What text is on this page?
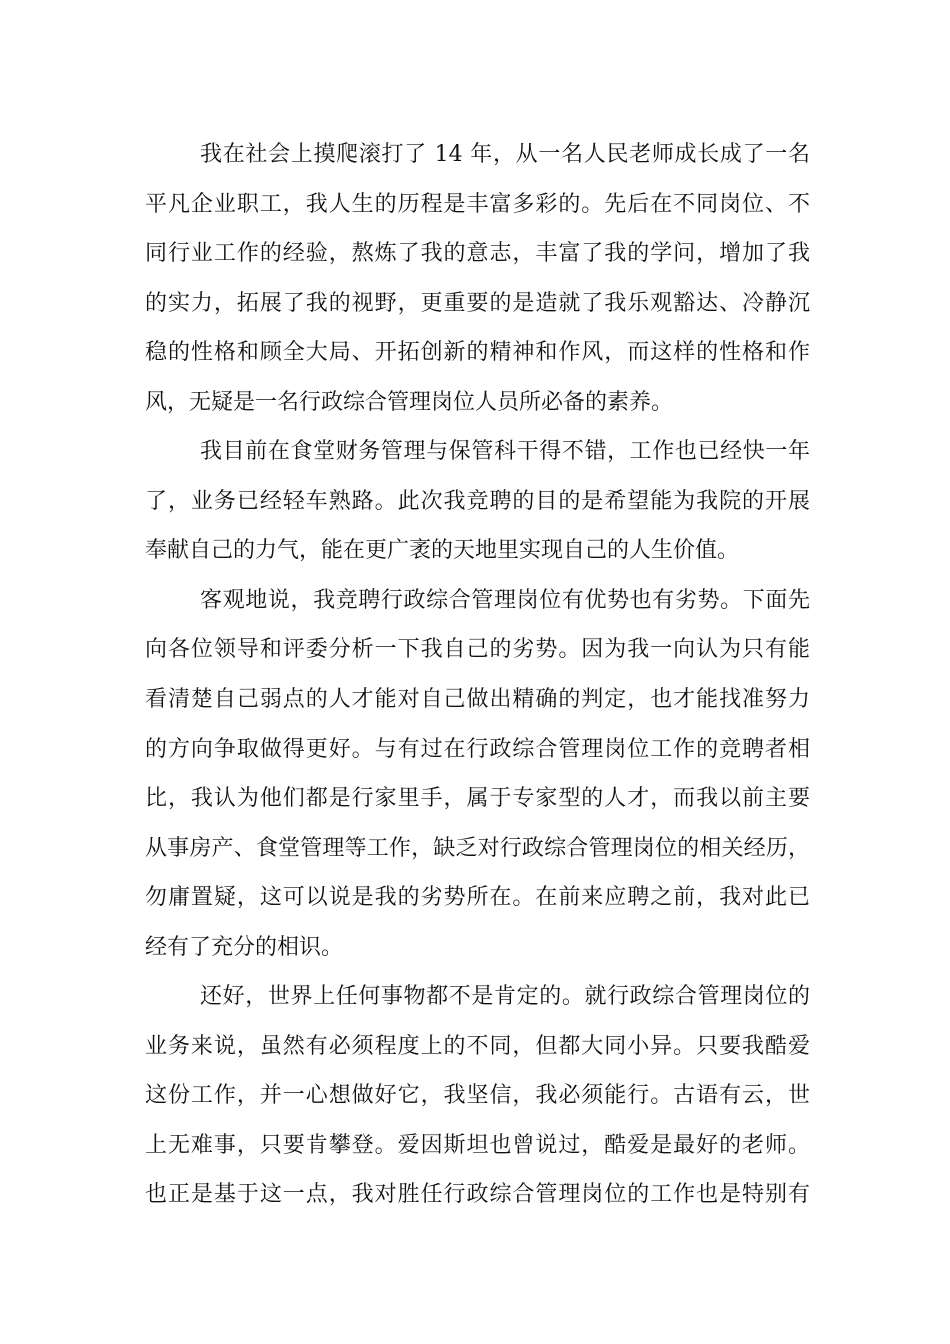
我在社会上摸爬滚打了 14 年，从一名人民老师成长成了一名
平凡企业职工，我人生的历程是丰富多彩的。先后在不同岗位、不
同行业工作的经验，熬炼了我的意志，丰富了我的学问，增加了我
的实力，拓展了我的视野，更重要的是造就了我乐观豁达、冷静沉
稳的性格和顾全大局、开拓创新的精神和作风，而这样的性格和作
风，无疑是一名行政综合管理岗位人员所必备的素养。
我目前在食堂财务管理与保管科干得不错，工作也已经快一年
了，业务已经轻车熟路。此次我竞聘的目的是希望能为我院的开展
奉献自己的力气，能在更广袤的天地里实现自己的人生价值。
客观地说，我竞聘行政综合管理岗位有优势也有劣势。下面先
向各位领导和评委分析一下我自己的劣势。因为我一向认为只有能
看清楚自己弱点的人才能对自己做出精确的判定，也才能找准努力
的方向争取做得更好。与有过在行政综合管理岗位工作的竞聘者相
比，我认为他们都是行家里手，属于专家型的人才，而我以前主要
从事房产、食堂管理等工作，缺乏对行政综合管理岗位的相关经历，
勿庸置疑，这可以说是我的劣势所在。在前来应聘之前，我对此已
经有了充分的相识。
还好，世界上任何事物都不是肯定的。就行政综合管理岗位的
业务来说，虽然有必须程度上的不同，但都大同小异。只要我酷爱
这份工作，并一心想做好它，我坚信，我必须能行。古语有云，世
上无难事，只要肯攀登。爱因斯坦也曾说过，酷爱是最好的老师。
也正是基于这一点，我对胜任行政综合管理岗位的工作也是特别有
